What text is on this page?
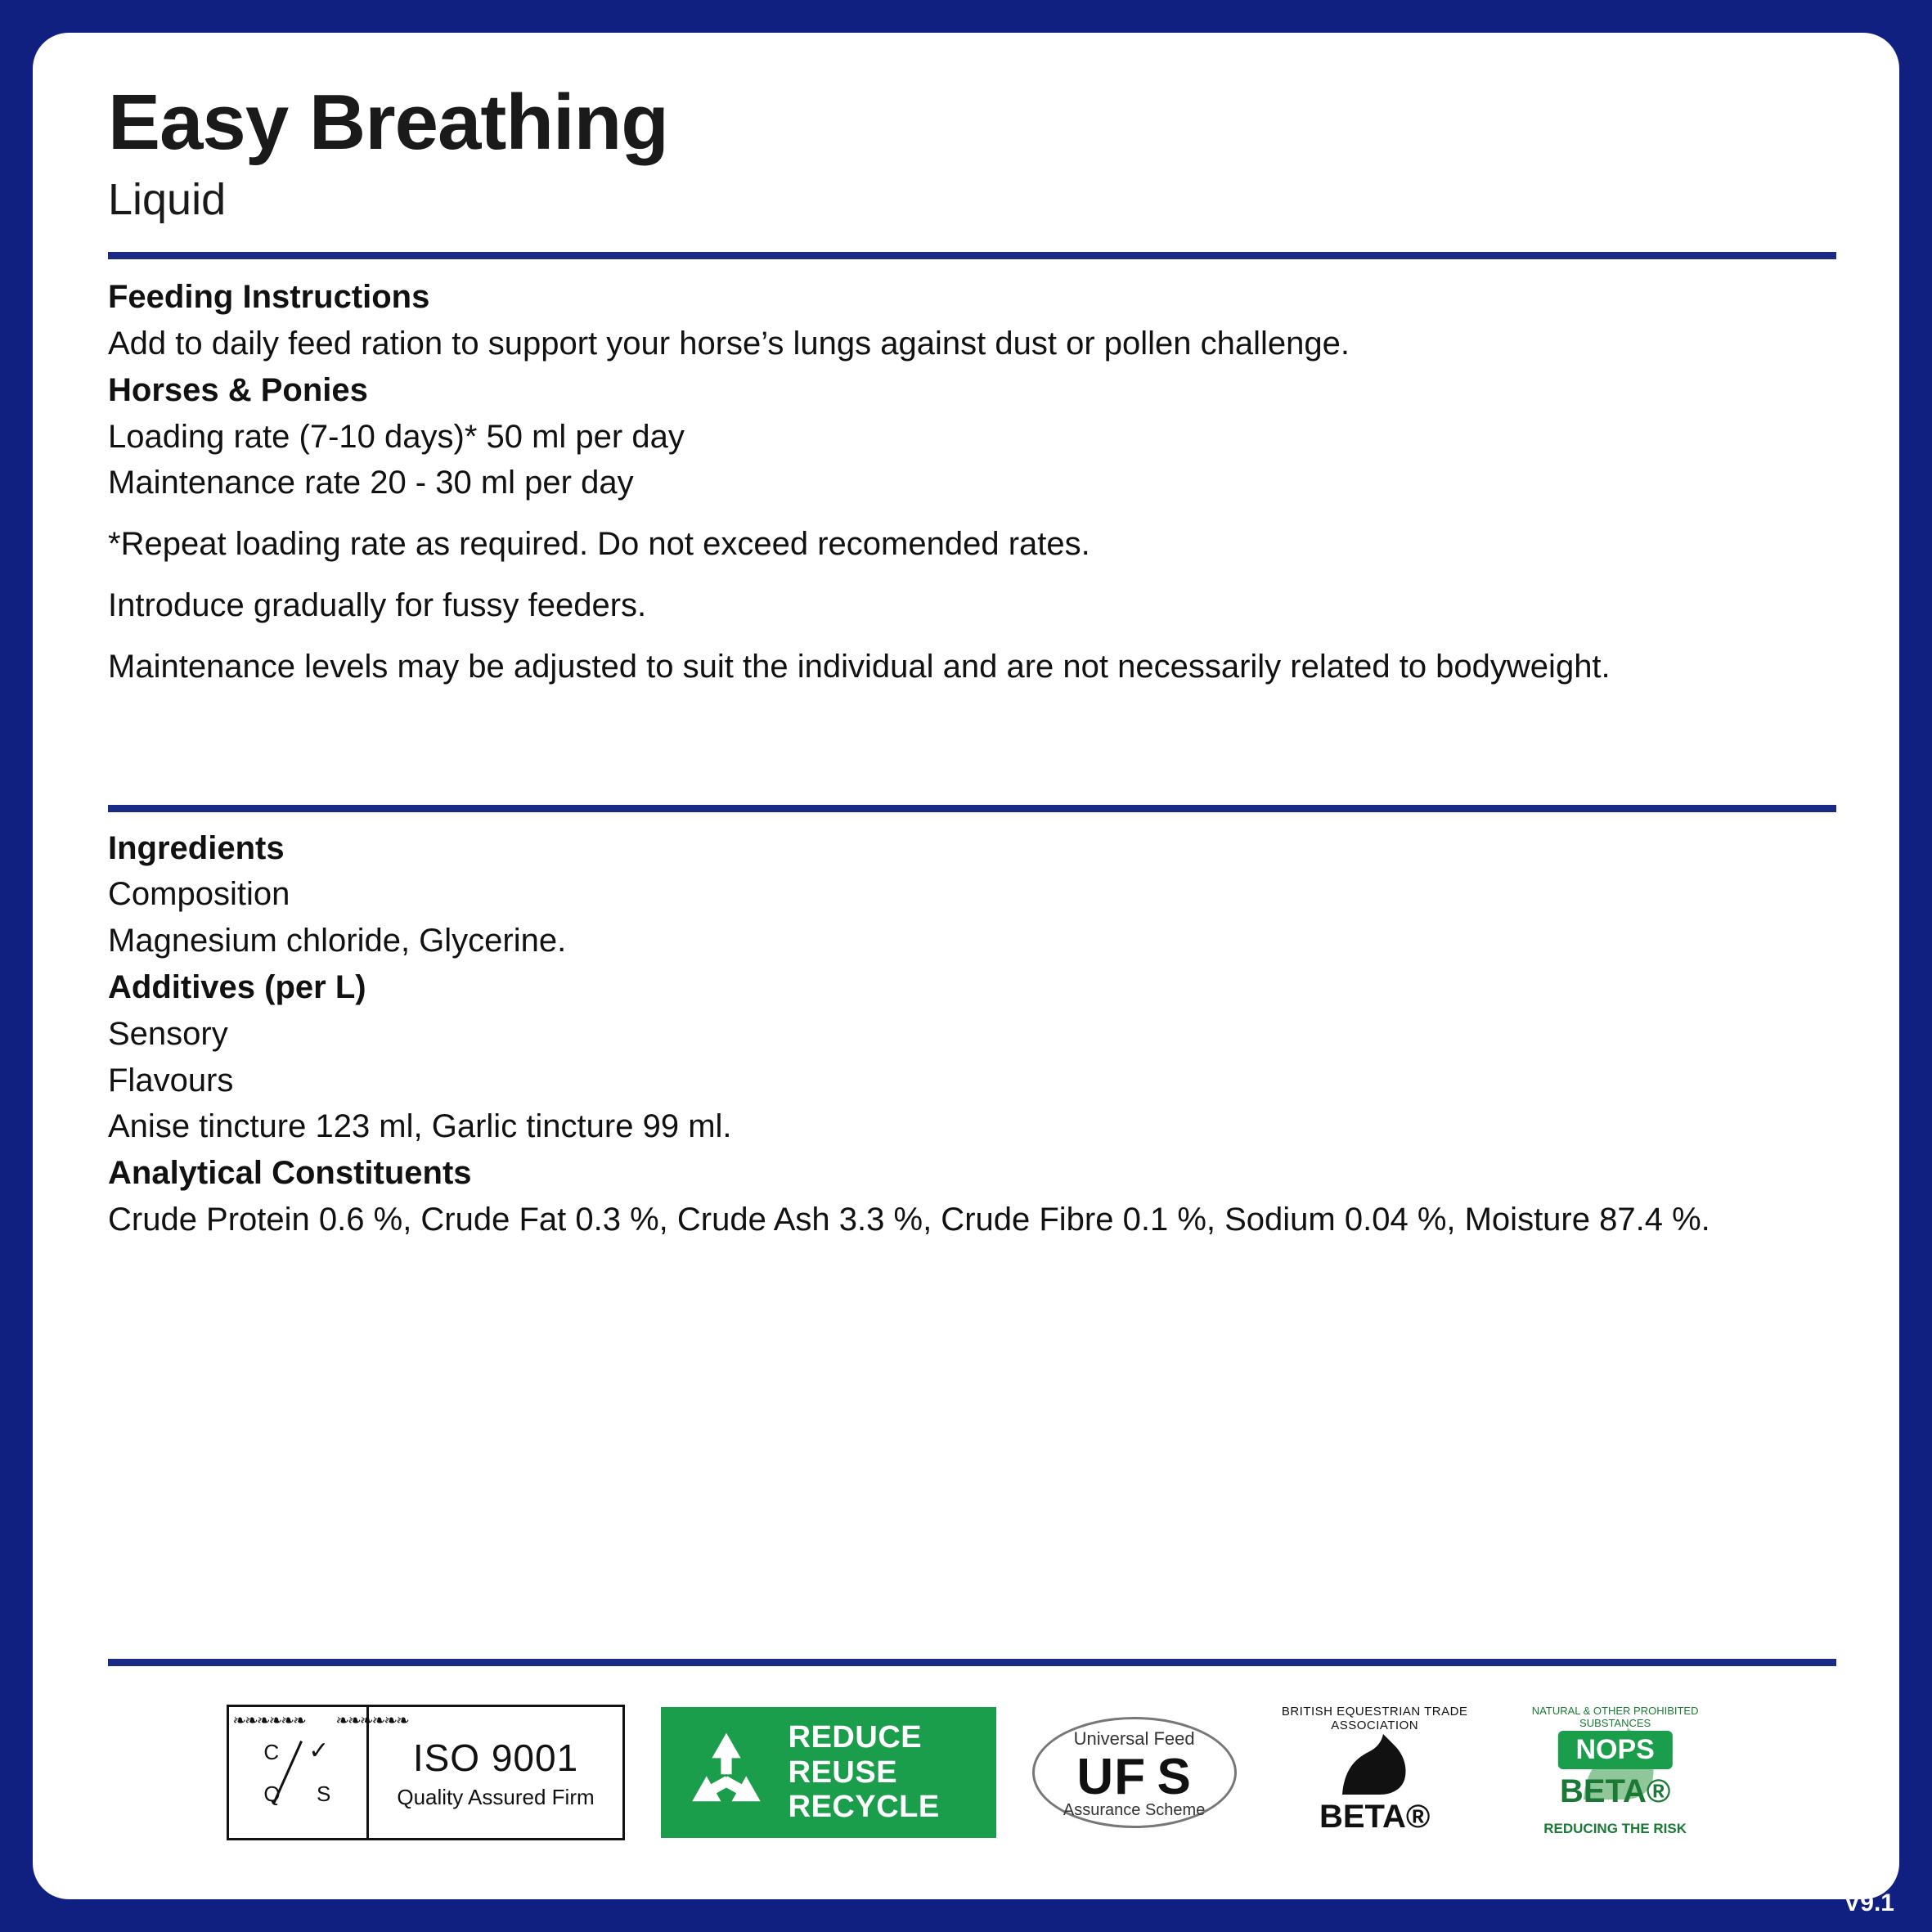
Easy Breathing
Liquid
Feeding Instructions
Add to daily feed ration to support your horse’s lungs against dust or pollen challenge.
Horses & Ponies
Loading rate (7-10 days)* 50 ml per day
Maintenance rate 20 - 30 ml per day
*Repeat loading rate as required. Do not exceed recomended rates.
Introduce gradually for fussy feeders.
Maintenance levels may be adjusted to suit the individual and are not necessarily related to bodyweight.
Ingredients
Composition
Magnesium chloride, Glycerine.
Additives (per L)
Sensory
Flavours
Anise tincture 123 ml, Garlic tincture 99 ml.
Analytical Constituents
Crude Protein 0.6 %, Crude Fat 0.3 %, Crude Ash 3.3 %, Crude Fibre 0.1 %, Sodium 0.04 %, Moisture 87.4 %.
❧❧❧❧❧❧
C ✓
Q S
❧❧❧❧❧❧
ISO 9001
Quality Assured Firm
REDUCE
REUSE
RECYCLE
Universal Feed
UF S
Assurance Scheme
BRITISH EQUESTRIAN TRADE ASSOCIATION
BETA®
NATURAL & OTHER PROHIBITED SUBSTANCES
NOPS
BETA®
REDUCING THE RISK
V9.1
